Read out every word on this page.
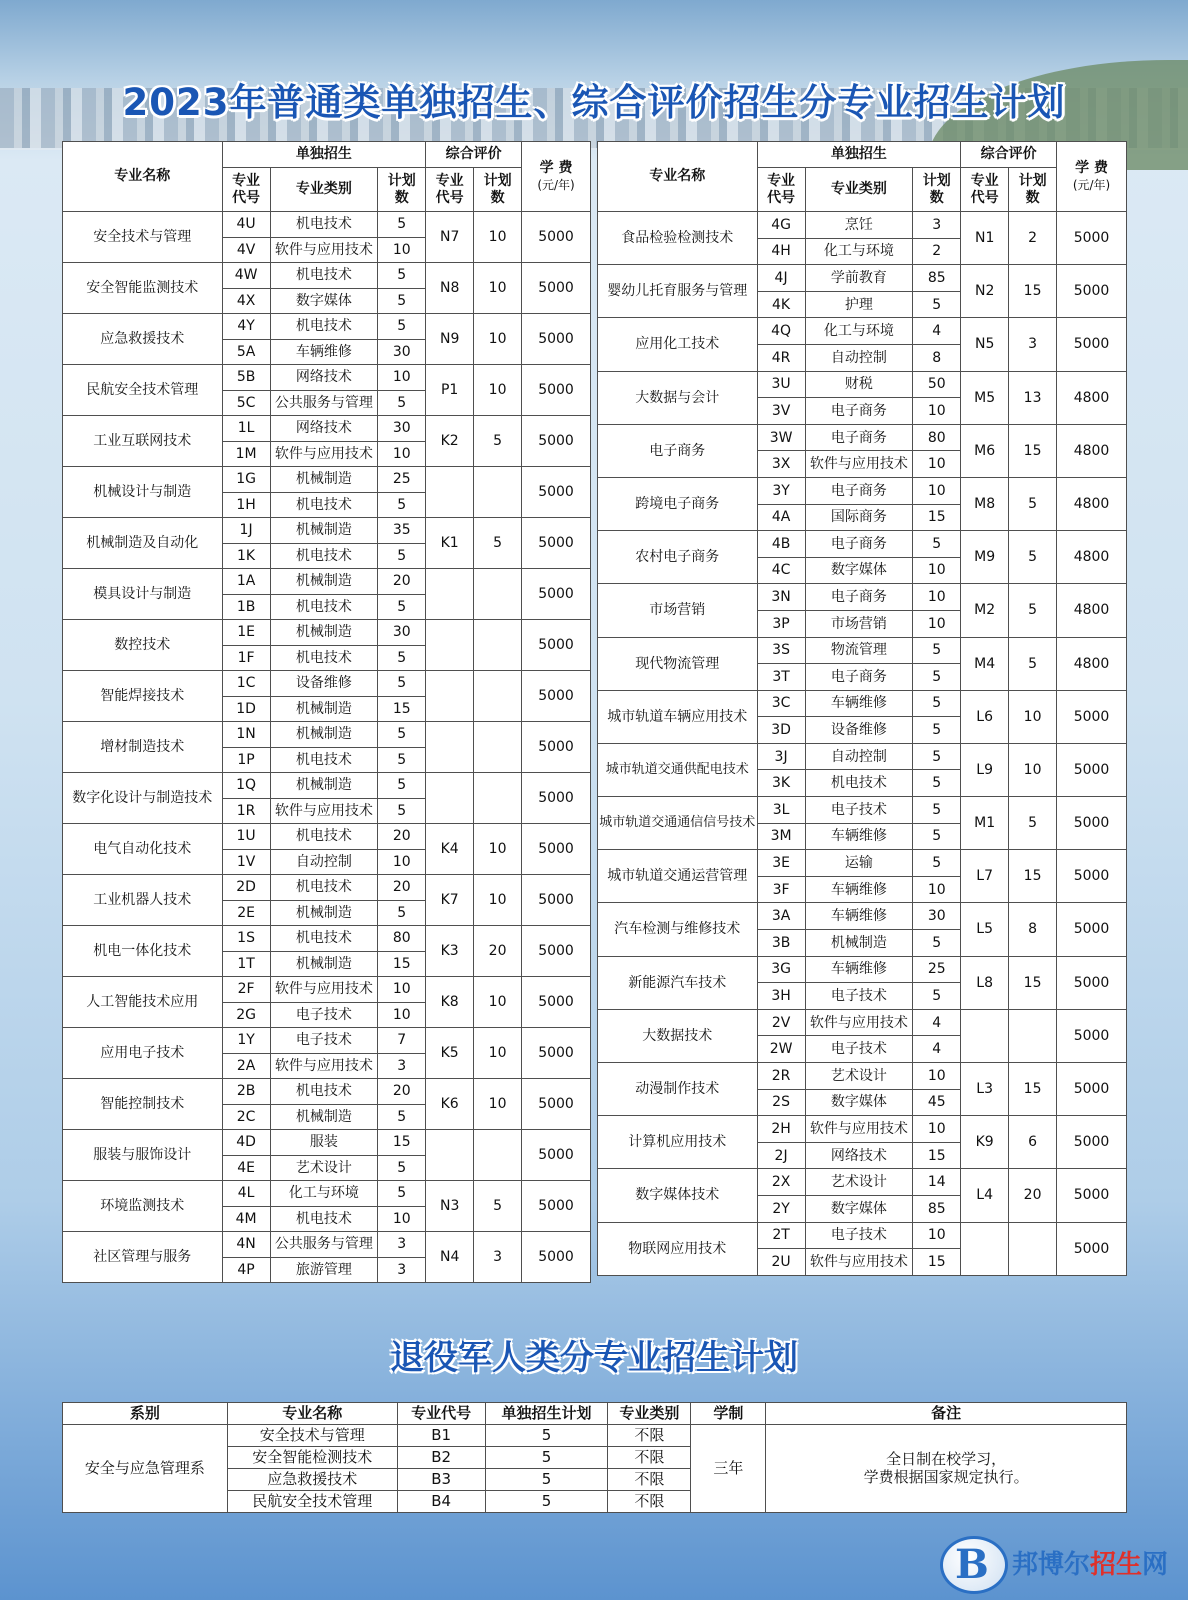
2023年普通类单独招生、综合评价招生分专业招生计划
专业名称	单独招生			综合评价		学 费
(元/年)
	专业
代号	专业类别	计划
数	专业
代号	计划
数	
安全技术与管理	4U	机电技术	5	N7	10	5000
	4V	软件与应用技术	10			
安全智能监测技术	4W	机电技术	5	N8	10	5000
	4X	数字媒体	5			
应急救援技术	4Y	机电技术	5	N9	10	5000
	5A	车辆维修	30			
民航安全技术管理	5B	网络技术	10	P1	10	5000
	5C	公共服务与管理	5			
工业互联网技术	1L	网络技术	30	K2	5	5000
	1M	软件与应用技术	10			
机械设计与制造	1G	机械制造	25			5000
	1H	机电技术	5			
机械制造及自动化	1J	机械制造	35	K1	5	5000
	1K	机电技术	5			
模具设计与制造	1A	机械制造	20			5000
	1B	机电技术	5			
数控技术	1E	机械制造	30			5000
	1F	机电技术	5			
智能焊接技术	1C	设备维修	5			5000
	1D	机械制造	15			
增材制造技术	1N	机械制造	5			5000
	1P	机电技术	5			
数字化设计与制造技术	1Q	机械制造	5			5000
	1R	软件与应用技术	5			
电气自动化技术	1U	机电技术	20	K4	10	5000
	1V	自动控制	10			
工业机器人技术	2D	机电技术	20	K7	10	5000
	2E	机械制造	5			
机电一体化技术	1S	机电技术	80	K3	20	5000
	1T	机械制造	15			
人工智能技术应用	2F	软件与应用技术	10	K8	10	5000
	2G	电子技术	10			
应用电子技术	1Y	电子技术	7	K5	10	5000
	2A	软件与应用技术	3			
智能控制技术	2B	机电技术	20	K6	10	5000
	2C	机械制造	5			
服装与服饰设计	4D	服装	15			5000
	4E	艺术设计	5			
环境监测技术	4L	化工与环境	5	N3	5	5000
	4M	机电技术	10			
社区管理与服务	4N	公共服务与管理	3	N4	3	5000
	4P	旅游管理	3			
专业名称	单独招生			综合评价		学 费
(元/年)
	专业
代号	专业类别	计划
数	专业
代号	计划
数	
食品检验检测技术	4G	烹饪	3	N1	2	5000
	4H	化工与环境	2			
婴幼儿托育服务与管理	4J	学前教育	85	N2	15	5000
	4K	护理	5			
应用化工技术	4Q	化工与环境	4	N5	3	5000
	4R	自动控制	8			
大数据与会计	3U	财税	50	M5	13	4800
	3V	电子商务	10			
电子商务	3W	电子商务	80	M6	15	4800
	3X	软件与应用技术	10			
跨境电子商务	3Y	电子商务	10	M8	5	4800
	4A	国际商务	15			
农村电子商务	4B	电子商务	5	M9	5	4800
	4C	数字媒体	10			
市场营销	3N	电子商务	10	M2	5	4800
	3P	市场营销	10			
现代物流管理	3S	物流管理	5	M4	5	4800
	3T	电子商务	5			
城市轨道车辆应用技术	3C	车辆维修	5	L6	10	5000
	3D	设备维修	5			
城市轨道交通供配电技术	3J	自动控制	5	L9	10	5000
	3K	机电技术	5			
城市轨道交通通信信号技术	3L	电子技术	5	M1	5	5000
	3M	车辆维修	5			
城市轨道交通运营管理	3E	运输	5	L7	15	5000
	3F	车辆维修	10			
汽车检测与维修技术	3A	车辆维修	30	L5	8	5000
	3B	机械制造	5			
新能源汽车技术	3G	车辆维修	25	L8	15	5000
	3H	电子技术	5			
大数据技术	2V	软件与应用技术	4			5000
	2W	电子技术	4			
动漫制作技术	2R	艺术设计	10	L3	15	5000
	2S	数字媒体	45			
计算机应用技术	2H	软件与应用技术	10	K9	6	5000
	2J	网络技术	15			
数字媒体技术	2X	艺术设计	14	L4	20	5000
	2Y	数字媒体	85			
物联网应用技术	2T	电子技术	10			5000
	2U	软件与应用技术	15			
退役军人类分专业招生计划
系别	专业名称	专业代号	单独招生计划	专业类别	学制	备注
安全与应急管理系	安全技术与管理	B1	5	不限	三年	全日制在校学习，
学费根据国家规定执行。
	安全智能检测技术	B2	5	不限		
	应急救援技术	B3	5	不限		
	民航安全技术管理	B4	5	不限		
B 邦博尔招生网
